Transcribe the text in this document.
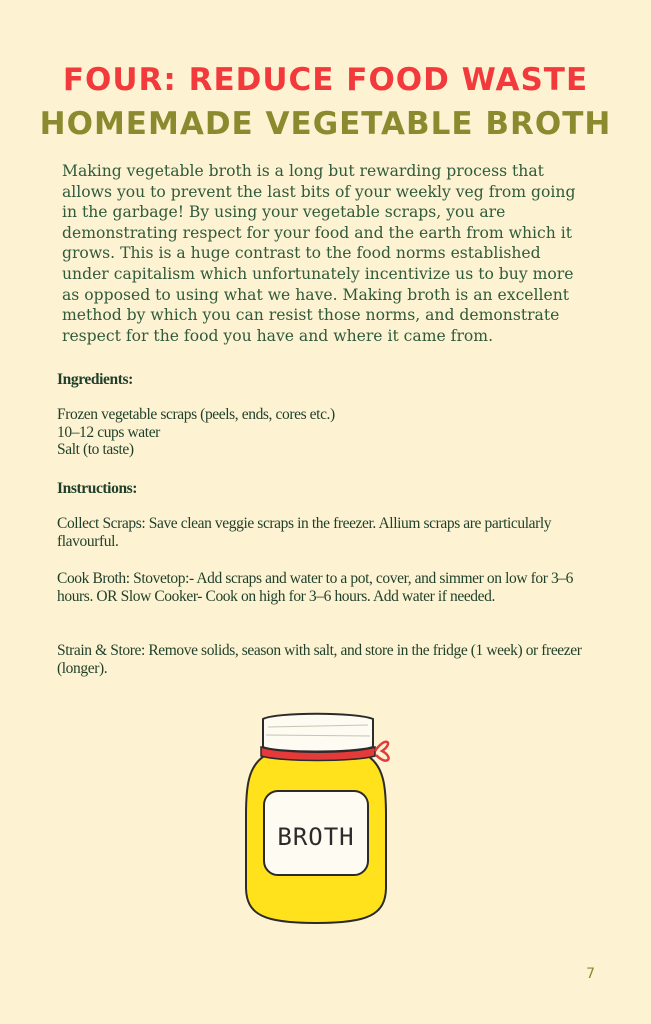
FOUR: REDUCE FOOD WASTE
HOMEMADE VEGETABLE BROTH

Making vegetable broth is a long but rewarding process that allows you to prevent the last bits of your weekly veg from going in the garbage! By using your vegetable scraps, you are demonstrating respect for your food and the earth from which it grows. This is a huge contrast to the food norms established under capitalism which unfortunately incentivize us to buy more as opposed to using what we have. Making broth is an excellent method by which you can resist those norms, and demonstrate respect for the food you have and where it came from.

Ingredients:

Frozen vegetable scraps (peels, ends, cores etc.)
10–12 cups water
Salt (to taste)

Instructions:

Collect Scraps: Save clean veggie scraps in the freezer. Allium scraps are particularly flavourful.

Cook Broth: Stovetop:- Add scraps and water to a pot, cover, and simmer on low for 3–6 hours. OR Slow Cooker- Cook on high for 3–6 hours. Add water if needed.

Strain & Store: Remove solids, season with salt, and store in the fridge (1 week) or freezer (longer).

BROTH
7
